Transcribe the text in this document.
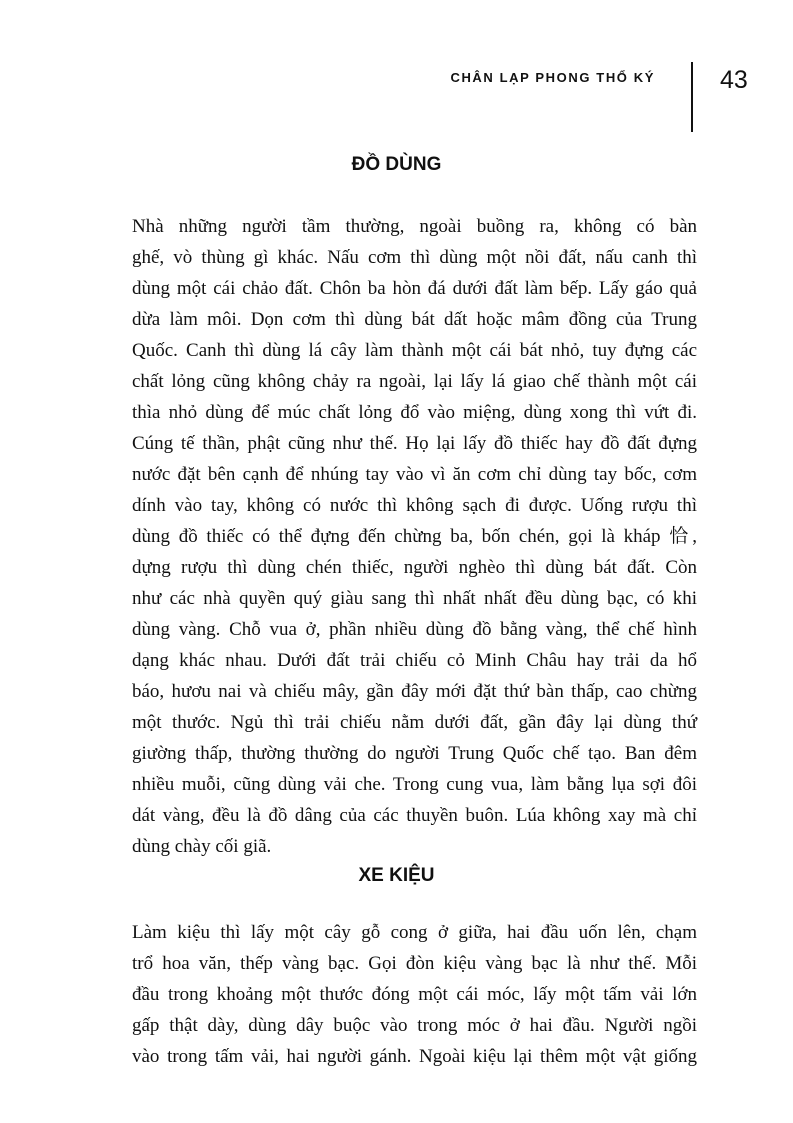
CHÂN LẠP PHONG THỔ KÝ	43
ĐỒ DÙNG
Nhà những người tầm thường, ngoài buồng ra, không có bàn
ghế, vò thùng gì khác. Nấu cơm thì dùng một nồi đất, nấu canh thì
dùng một cái chảo đất. Chôn ba hòn đá dưới đất làm bếp. Lấy gáo quả
dừa làm môi. Dọn cơm thì dùng bát dất hoặc mâm đồng của Trung
Quốc. Canh thì dùng lá cây làm thành một cái bát nhỏ, tuy đựng các
chất lỏng cũng không chảy ra ngoài, lại lấy lá giao chế thành một cái
thìa nhỏ dùng để múc chất lỏng đổ vào miệng, dùng xong thì vứt đi.
Cúng tế thần, phật cũng như thế. Họ lại lấy đồ thiếc hay đồ đất đựng
nước đặt bên cạnh để nhúng tay vào vì ăn cơm chỉ dùng tay bốc, cơm
dính vào tay, không có nước thì không sạch đi được. Uống rượu thì
dùng đồ thiếc có thể đựng đến chừng ba, bốn chén, gọi là kháp 恰,
dựng rượu thì dùng chén thiếc, người nghèo thì dùng bát đất. Còn
như các nhà quyền quý giàu sang thì nhất nhất đều dùng bạc, có khi
dùng vàng. Chỗ vua ở, phần nhiều dùng đồ bằng vàng, thể chế hình
dạng khác nhau. Dưới đất trải chiếu cỏ Minh Châu hay trải da hổ
báo, hươu nai và chiếu mây, gần đây mới đặt thứ bàn thấp, cao chừng
một thước. Ngủ thì trải chiếu nằm dưới đất, gần đây lại dùng thứ
giường thấp, thường thường do người Trung Quốc chế tạo. Ban đêm
nhiều muỗi, cũng dùng vải che. Trong cung vua, làm bằng lụa sợi đôi
dát vàng, đều là đồ dâng của các thuyền buôn. Lúa không xay mà chỉ
dùng chày cối giã.
XE KIỆU
Làm kiệu thì lấy một cây gỗ cong ở giữa, hai đầu uốn lên, chạm
trổ hoa văn, thếp vàng bạc. Gọi đòn kiệu vàng bạc là như thế. Mỗi
đầu trong khoảng một thước đóng một cái móc, lấy một tấm vải lớn
gấp thật dày, dùng dây buộc vào trong móc ở hai đầu. Người ngồi
vào trong tấm vải, hai người gánh. Ngoài kiệu lại thêm một vật giống
